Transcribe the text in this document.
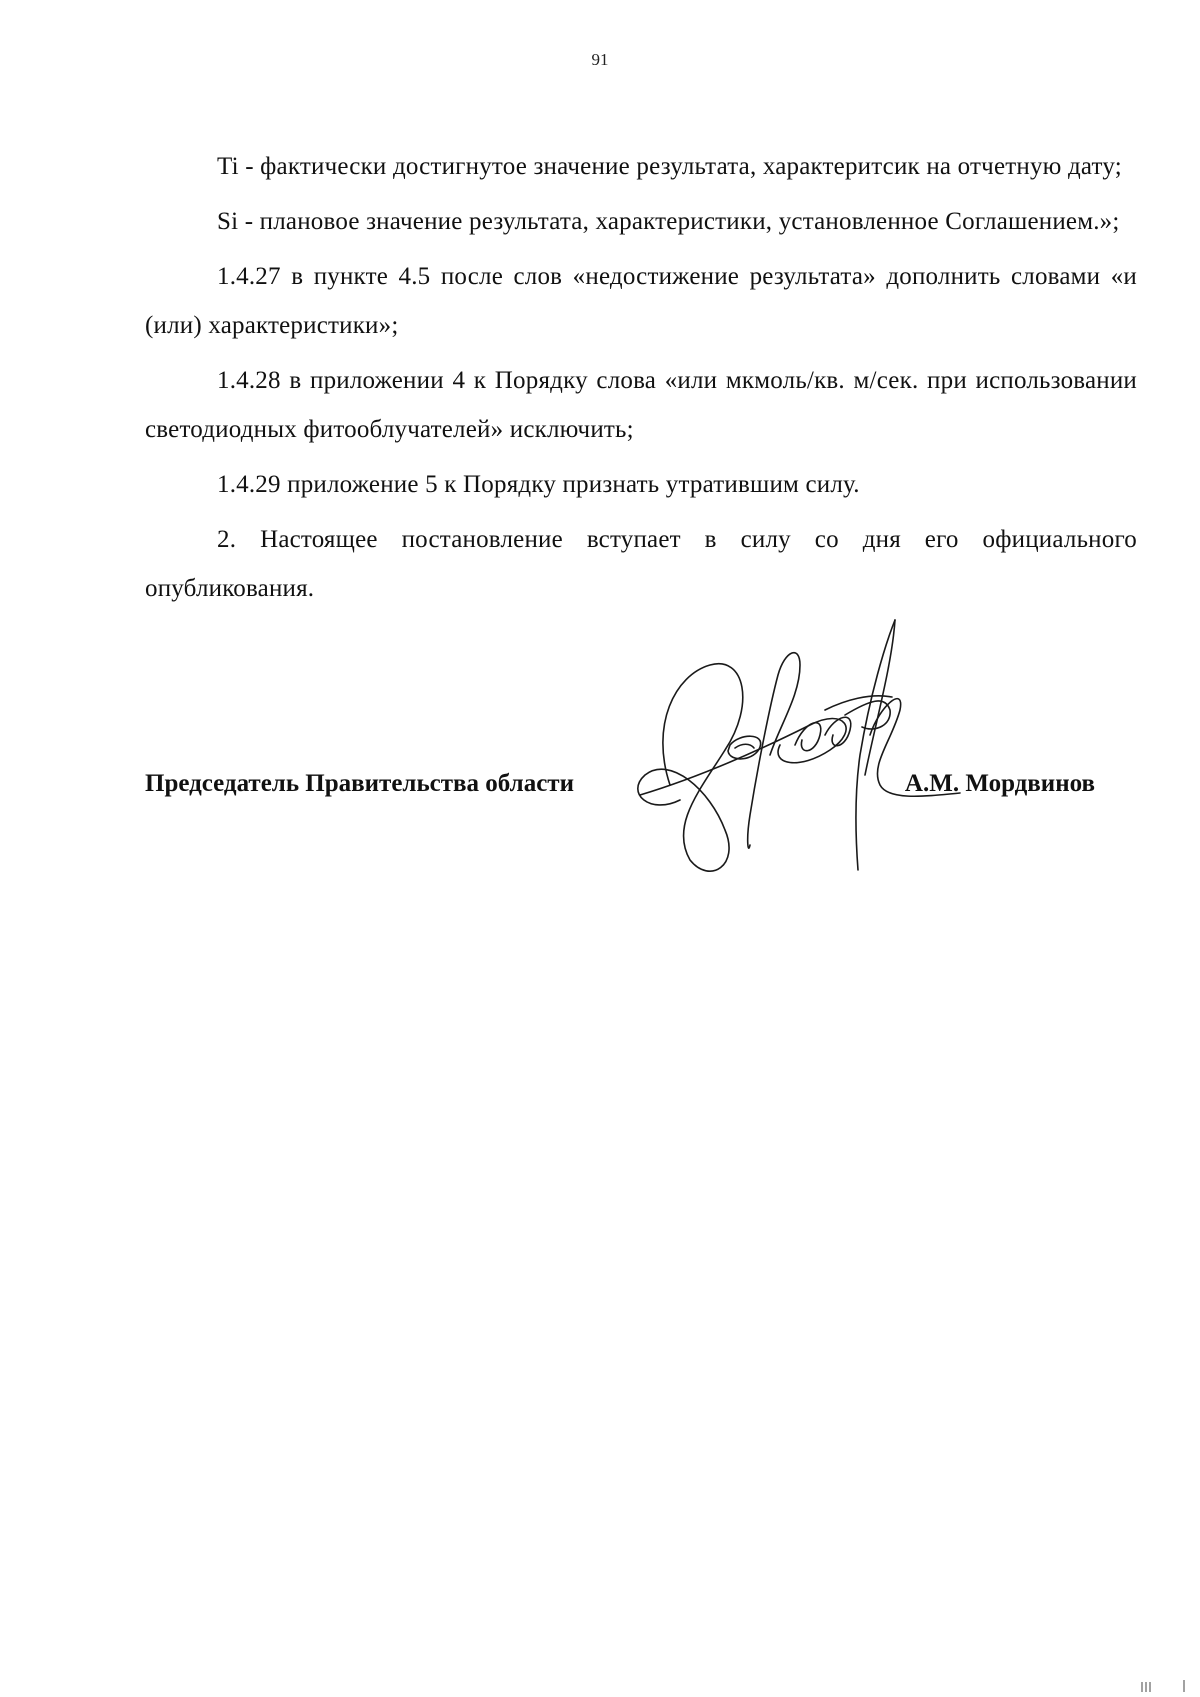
91

Ti - фактически достигнутое значение результата, характеритсик на отчетную дату;

Si - плановое значение результата, характеристики, установленное Соглашением.»;

1.4.27 в пункте 4.5 после слов «недостижение результата» дополнить словами «и (или) характеристики»;

1.4.28 в приложении 4 к Порядку слова «или мкмоль/кв. м/сек. при использовании светодиодных фитооблучателей» исключить;

1.4.29 приложение 5 к Порядку признать утратившим силу.

2. Настоящее постановление вступает в силу со дня его официального опубликования.

Председатель Правительства области	А.М. Мордвинов
